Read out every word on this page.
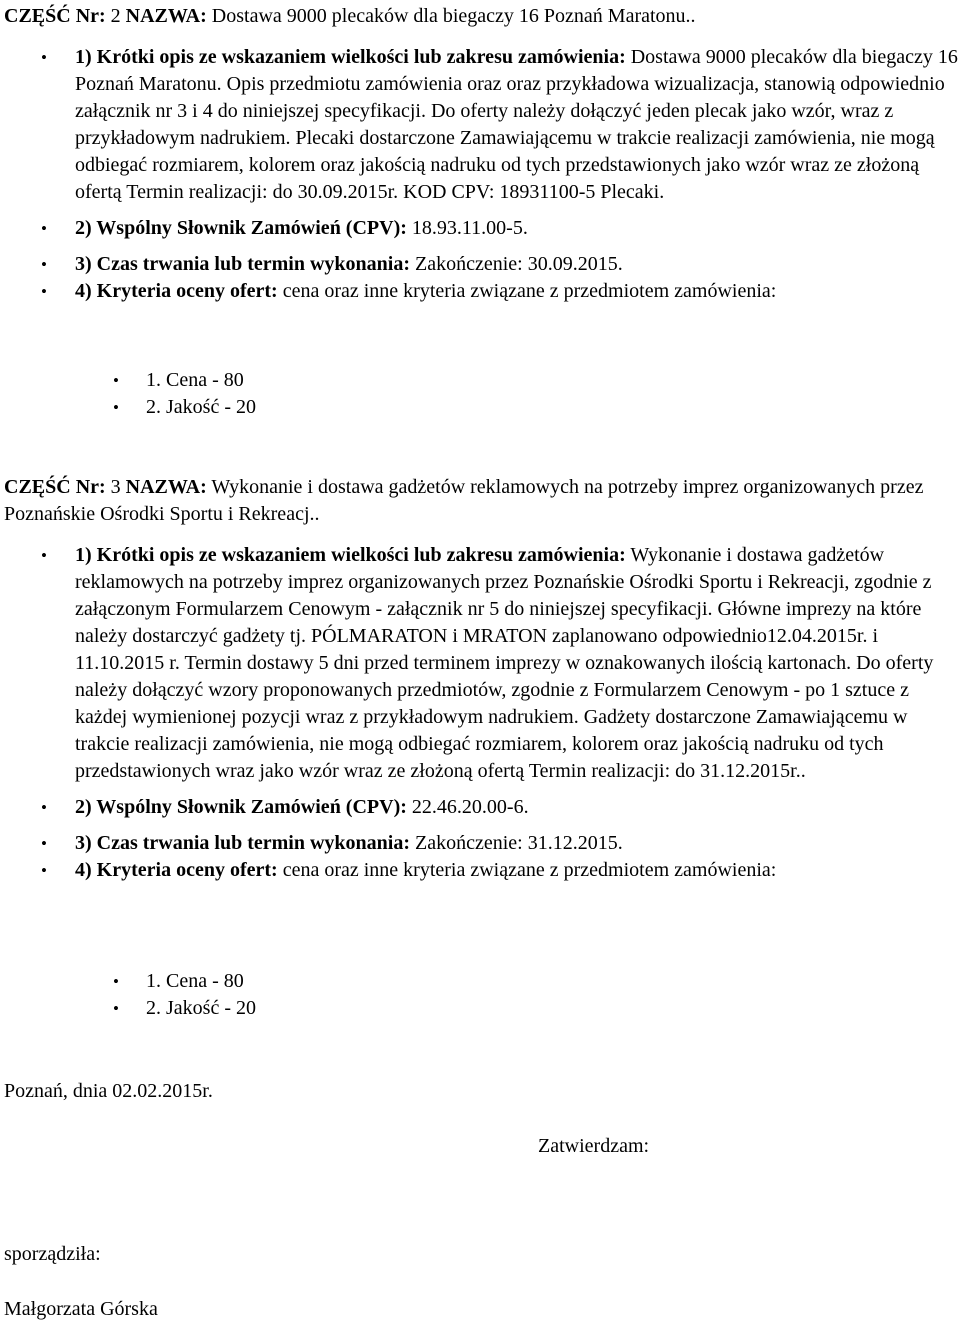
CZĘŚĆ Nr: 2 NAZWA: Dostawa 9000 plecaków dla biegaczy 16 Poznań Maratonu..

• 1) Krótki opis ze wskazaniem wielkości lub zakresu zamówienia: Dostawa 9000 plecaków dla biegaczy 16 Poznań Maratonu. Opis przedmiotu zamówienia oraz oraz przykładowa wizualizacja, stanowią odpowiednio załącznik nr 3 i 4 do niniejszej specyfikacji. Do oferty należy dołączyć jeden plecak jako wzór, wraz z przykładowym nadrukiem. Plecaki dostarczone Zamawiającemu w trakcie realizacji zamówienia, nie mogą odbiegać rozmiarem, kolorem oraz jakością nadruku od tych przedstawionych jako wzór wraz ze złożoną ofertą Termin realizacji: do 30.09.2015r. KOD CPV: 18931100-5 Plecaki.
• 2) Wspólny Słownik Zamówień (CPV): 18.93.11.00-5.
• 3) Czas trwania lub termin wykonania: Zakończenie: 30.09.2015.
• 4) Kryteria oceny ofert: cena oraz inne kryteria związane z przedmiotem zamówienia:
• 1. Cena - 80
• 2. Jakość - 20

CZĘŚĆ Nr: 3 NAZWA: Wykonanie i dostawa gadżetów reklamowych na potrzeby imprez organizowanych przez Poznańskie Ośrodki Sportu i Rekreacj..

• 1) Krótki opis ze wskazaniem wielkości lub zakresu zamówienia: Wykonanie i dostawa gadżetów reklamowych na potrzeby imprez organizowanych przez Poznańskie Ośrodki Sportu i Rekreacji, zgodnie z załączonym Formularzem Cenowym - załącznik nr 5 do niniejszej specyfikacji. Główne imprezy na które należy dostarczyć gadżety tj. PÓLMARATON i MRATON zaplanowano odpowiednio12.04.2015r. i 11.10.2015 r. Termin dostawy 5 dni przed terminem imprezy w oznakowanych ilością kartonach. Do oferty należy dołączyć wzory proponowanych przedmiotów, zgodnie z Formularzem Cenowym - po 1 sztuce z każdej wymienionej pozycji wraz z przykładowym nadrukiem. Gadżety dostarczone Zamawiającemu w trakcie realizacji zamówienia, nie mogą odbiegać rozmiarem, kolorem oraz jakością nadruku od tych przedstawionych wraz jako wzór wraz ze złożoną ofertą Termin realizacji: do 31.12.2015r..
• 2) Wspólny Słownik Zamówień (CPV): 22.46.20.00-6.
• 3) Czas trwania lub termin wykonania: Zakończenie: 31.12.2015.
• 4) Kryteria oceny ofert: cena oraz inne kryteria związane z przedmiotem zamówienia:
• 1. Cena - 80
• 2. Jakość - 20

Poznań, dnia 02.02.2015r.

Zatwierdzam:

sporządziła:

Małgorzata Górska
